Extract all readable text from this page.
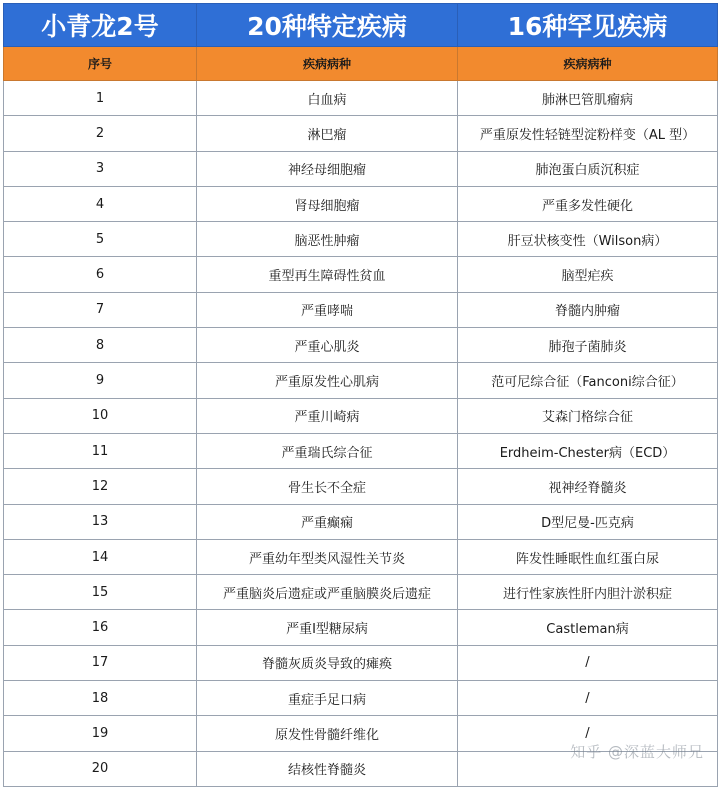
小青龙2号	20种特定疾病	16种罕见疾病
序号	疾病病种	疾病病种
1	白血病	肺淋巴管肌瘤病
2	淋巴瘤	严重原发性轻链型淀粉样变（AL 型）
3	神经母细胞瘤	肺泡蛋白质沉积症
4	肾母细胞瘤	严重多发性硬化
5	脑恶性肿瘤	肝豆状核变性（Wilson病）
6	重型再生障碍性贫血	脑型疟疾
7	严重哮喘	脊髓内肿瘤
8	严重心肌炎	肺孢子菌肺炎
9	严重原发性心肌病	范可尼综合征（Fanconi综合征）
10	严重川崎病	艾森门格综合征
11	严重瑞氏综合征	Erdheim-Chester病（ECD）
12	骨生长不全症	视神经脊髓炎
13	严重癫痫	D型尼曼-匹克病
14	严重幼年型类风湿性关节炎	阵发性睡眠性血红蛋白尿
15	严重脑炎后遗症或严重脑膜炎后遗症	进行性家族性肝内胆汁淤积症
16	严重I型糖尿病	Castleman病
17	脊髓灰质炎导致的瘫痪	/
18	重症手足口病	/
19	原发性骨髓纤维化	/
20	结核性脊髓炎	
知乎 @深蓝大师兄
